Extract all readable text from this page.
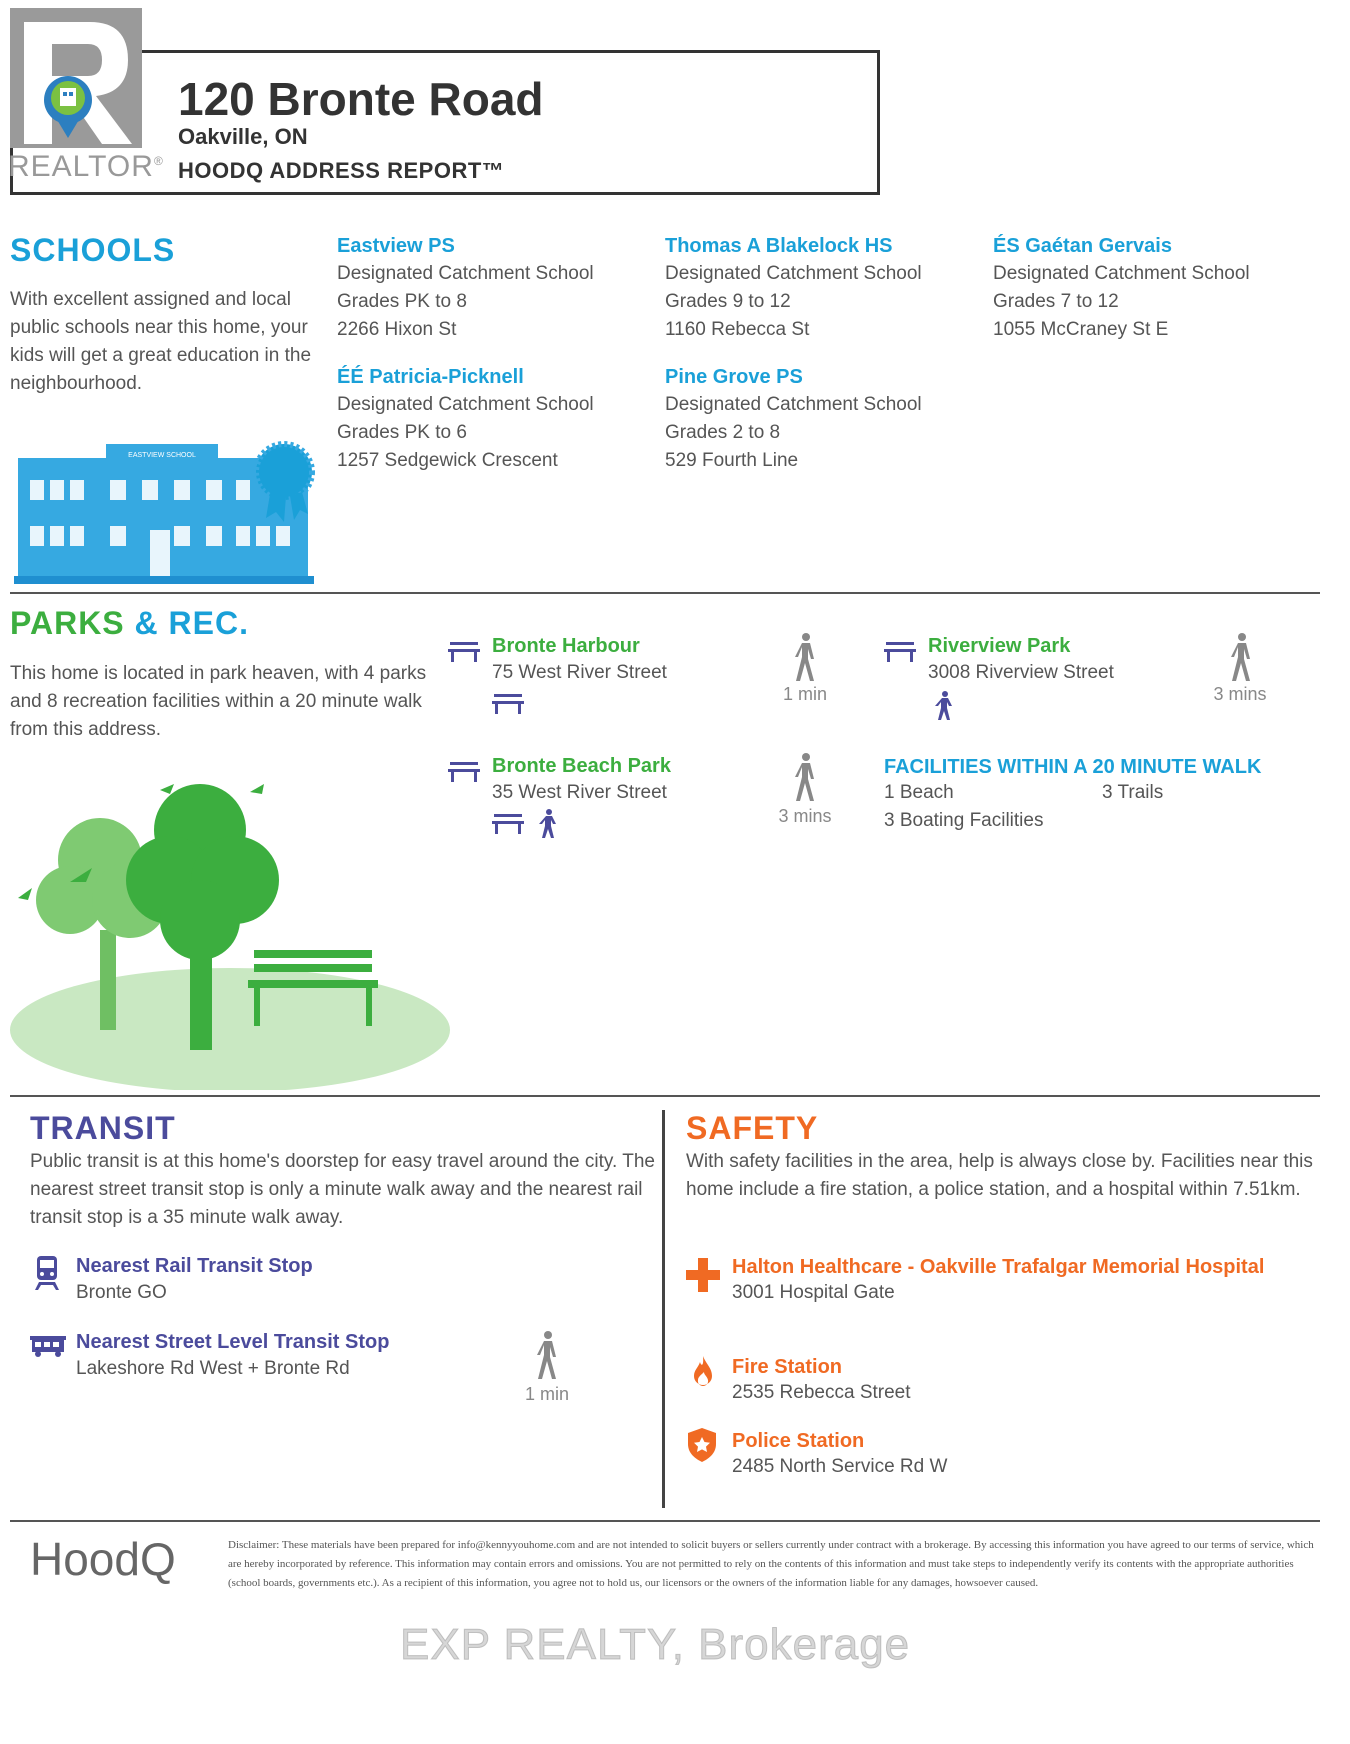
REALTOR®
120 Bronte Road
Oakville, ON
HOODQ ADDRESS REPORT™
SCHOOLS
With excellent assigned and local public schools near this home, your kids will get a great education in the neighbourhood.
EASTVIEW SCHOOL
Eastview PS
Designated Catchment School
Grades PK to 8
2266 Hixon St
Thomas A Blakelock HS
Designated Catchment School
Grades 9 to 12
1160 Rebecca St
ÉS Gaétan Gervais
Designated Catchment School
Grades 7 to 12
1055 McCraney St E
ÉÉ Patricia-Picknell
Designated Catchment School
Grades PK to 6
1257 Sedgewick Crescent
Pine Grove PS
Designated Catchment School
Grades 2 to 8
529 Fourth Line
PARKS & REC.
This home is located in park heaven, with 4 parks and 8 recreation facilities within a 20 minute walk from this address.
Bronte Harbour
75 West River Street
1 min
Riverview Park
3008 Riverview Street
3 mins
Bronte Beach Park
35 West River Street
3 mins
FACILITIES WITHIN A 20 MINUTE WALK
1 Beach	3 Trails
3 Boating Facilities
TRANSIT
Public transit is at this home's doorstep for easy travel around the city. The nearest street transit stop is only a minute walk away and the nearest rail transit stop is a 35 minute walk away.
Nearest Rail Transit Stop
Bronte GO
Nearest Street Level Transit Stop
Lakeshore Rd West + Bronte Rd
1 min
SAFETY
With safety facilities in the area, help is always close by. Facilities near this home include a fire station, a police station, and a hospital within 7.51km.
Halton Healthcare - Oakville Trafalgar Memorial Hospital
3001 Hospital Gate
Fire Station
2535 Rebecca Street
Police Station
2485 North Service Rd W
HoodQ	Disclaimer: These materials have been prepared for info@kennyyouhome.com and are not intended to solicit buyers or sellers currently under contract with a brokerage. By accessing this information you have agreed to our terms of service, which are hereby incorporated by reference. This information may contain errors and omissions. You are not permitted to rely on the contents of this information and must take steps to independently verify its contents with the appropriate authorities (school boards, governments etc.). As a recipient of this information, you agree not to hold us, our licensors or the owners of the information liable for any damages, howsoever caused.
EXP REALTY, Brokerage
